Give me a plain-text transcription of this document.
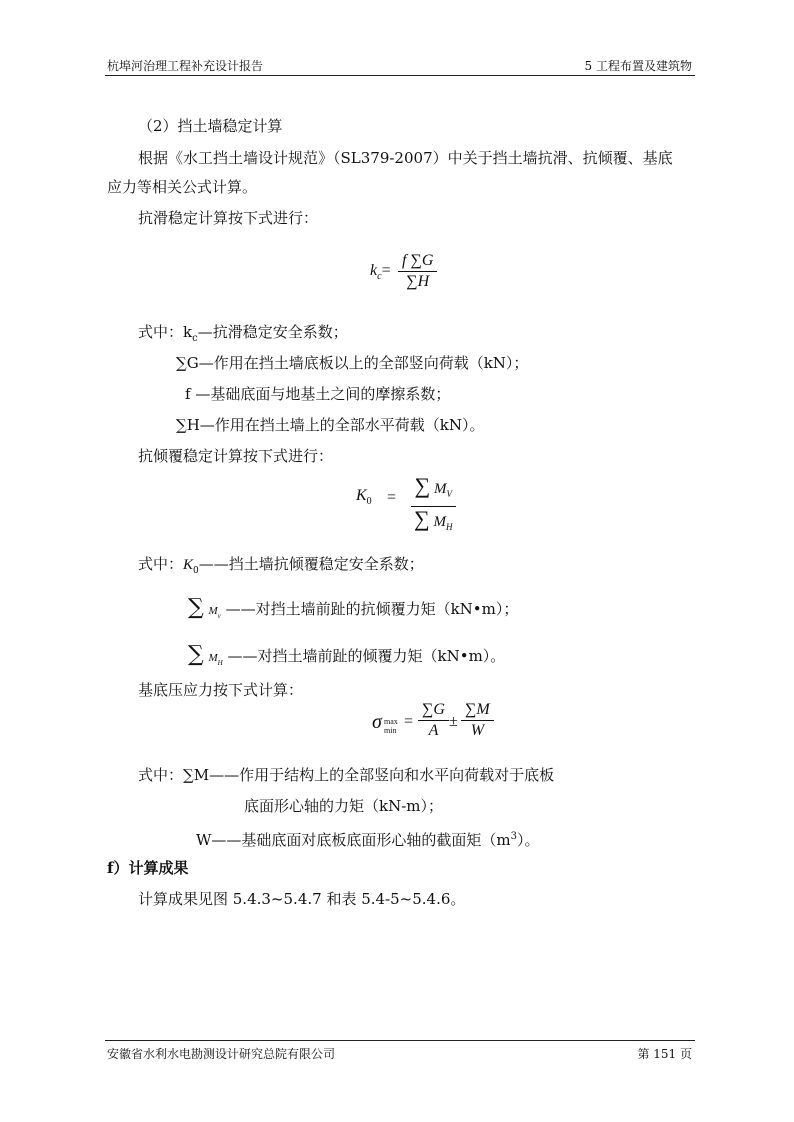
杭埠河治理工程补充设计报告	5 工程布置及建筑物
（2）挡土墙稳定计算
根据《水工挡土墙设计规范》（SL379-2007）中关于挡土墙抗滑、抗倾覆、基底
应力等相关公式计算。
抗滑稳定计算按下式进行：
$k_c= \frac{f \sum G}{\sum H}$
式中：$k_c—$抗滑稳定安全系数；
∑G—作用在挡土墙底板以上的全部竖向荷载（kN）；
f —基础底面与地基土之间的摩擦系数；
∑H—作用在挡土墙上的全部水平荷载（kN）。
抗倾覆稳定计算按下式进行：
$K_0 = \frac{\sum M_V}{\sum M_H}$
式中：$K_0——$挡土墙抗倾覆稳定安全系数；
∑ $M_v$ ——对挡土墙前趾的抗倾覆力矩（kN•m）；
∑ $M_H$ ——对挡土墙前趾的倾覆力矩（kN•m）。
基底压应力按下式计算：
σ max
min
= $\frac{\sum G}{A} \pm \frac{\sum M}{W}$
式中：∑M——作用于结构上的全部竖向和水平向荷载对于底板
底面形心轴的力矩（kN-m）；
W——基础底面对底板底面形心轴的截面矩$(m^3)$。
f）计算成果
计算成果见图 5.4.3~5.4.7 和表 5.4-5~5.4.6。
安徽省水利水电勘测设计研究总院有限公司	第 151 页
